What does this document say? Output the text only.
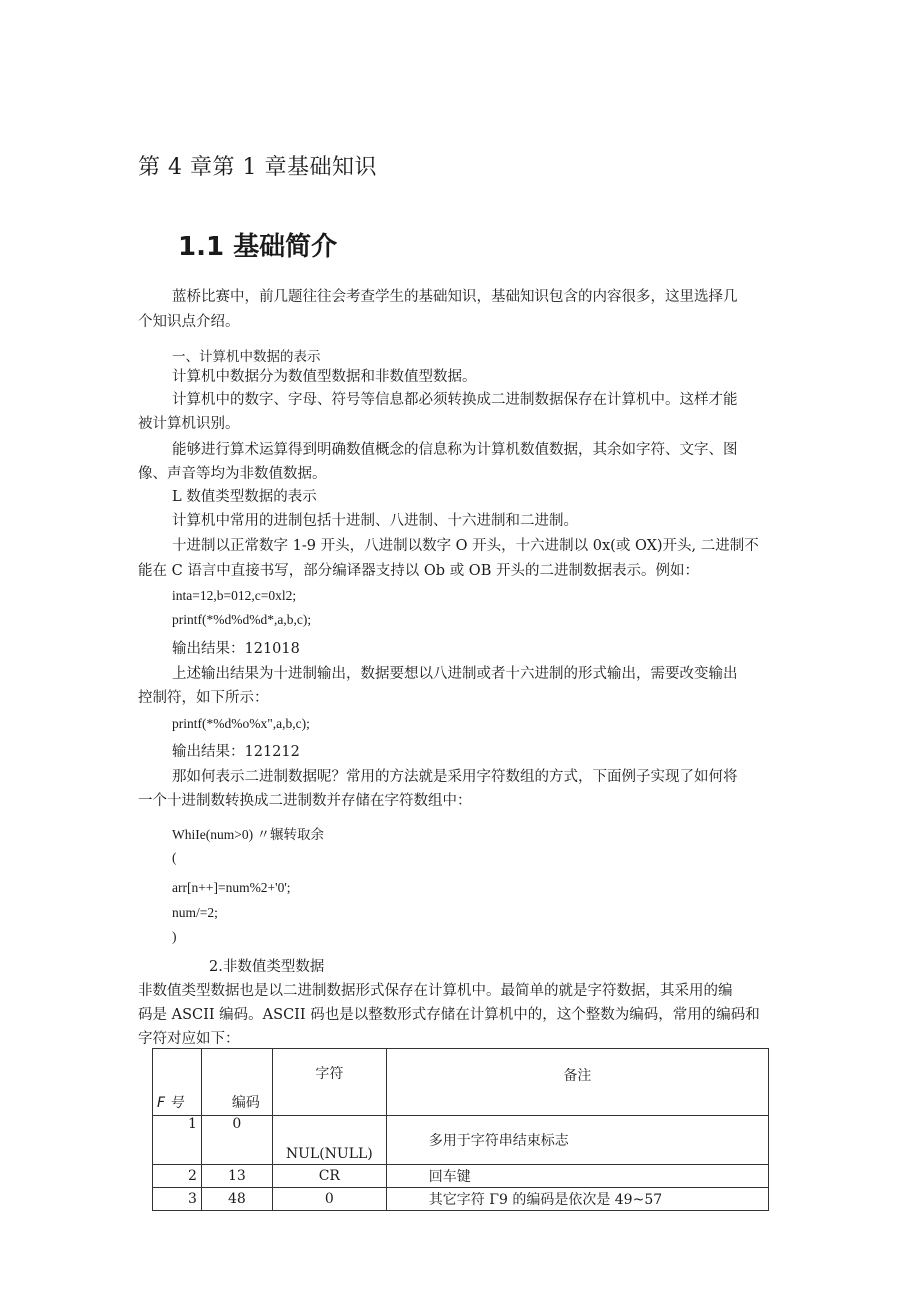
第 4 章第 1 章基础知识
1.1 基础简介
蓝桥比赛中，前几题往往会考查学生的基础知识，基础知识包含的内容很多，这里选择几
个知识点介绍。
一、计算机中数据的表示
计算机中数据分为数值型数据和非数值型数据。
计算机中的数字、字母、符号等信息都必须转换成二进制数据保存在计算机中。这样才能
被计算机识别。
能够进行算术运算得到明确数值概念的信息称为计算机数值数据，其余如字符、文字、图
像、声音等均为非数值数据。
L 数值类型数据的表示
计算机中常用的进制包括十进制、八进制、十六进制和二进制。
十进制以正常数字 1-9 开头，八进制以数字 O 开头，十六进制以 0x(或 OX)开头, 二进制不
能在 C 语言中直接书写，部分编译器支持以 Ob 或 OB 开头的二进制数据表示。例如：
inta=12,b=012,c=0xl2;
printf(*%d%d%d*,a,b,c);
输出结果：121018
上述输出结果为十进制输出，数据要想以八进制或者十六进制的形式输出，需要改变输出
控制符，如下所示：
printf(*%d%o%x",a,b,c);
输出结果：121212
那如何表示二进制数据呢？常用的方法就是采用字符数组的方式，下面例子实现了如何将
一个十进制数转换成二进制数并存储在字符数组中：
WhiIe(num>0) 〃辗转取余
(
arr[n++]=num%2+'0';
num/=2;
)
2.非数值类型数据
非数值类型数据也是以二进制数据形式保存在计算机中。最简单的就是字符数据，其采用的编
码是 ASCII 编码。ASCII 码也是以整数形式存储在计算机中的，这个整数为编码，常用的编码和
字符对应如下：
F 号	编码	字符	备注
1	0	NUL(NULL)	多用于字符串结束标志
2	13	CR	回车键
3	48	0	其它字符 Γ9 的编码是依次是 49~57
